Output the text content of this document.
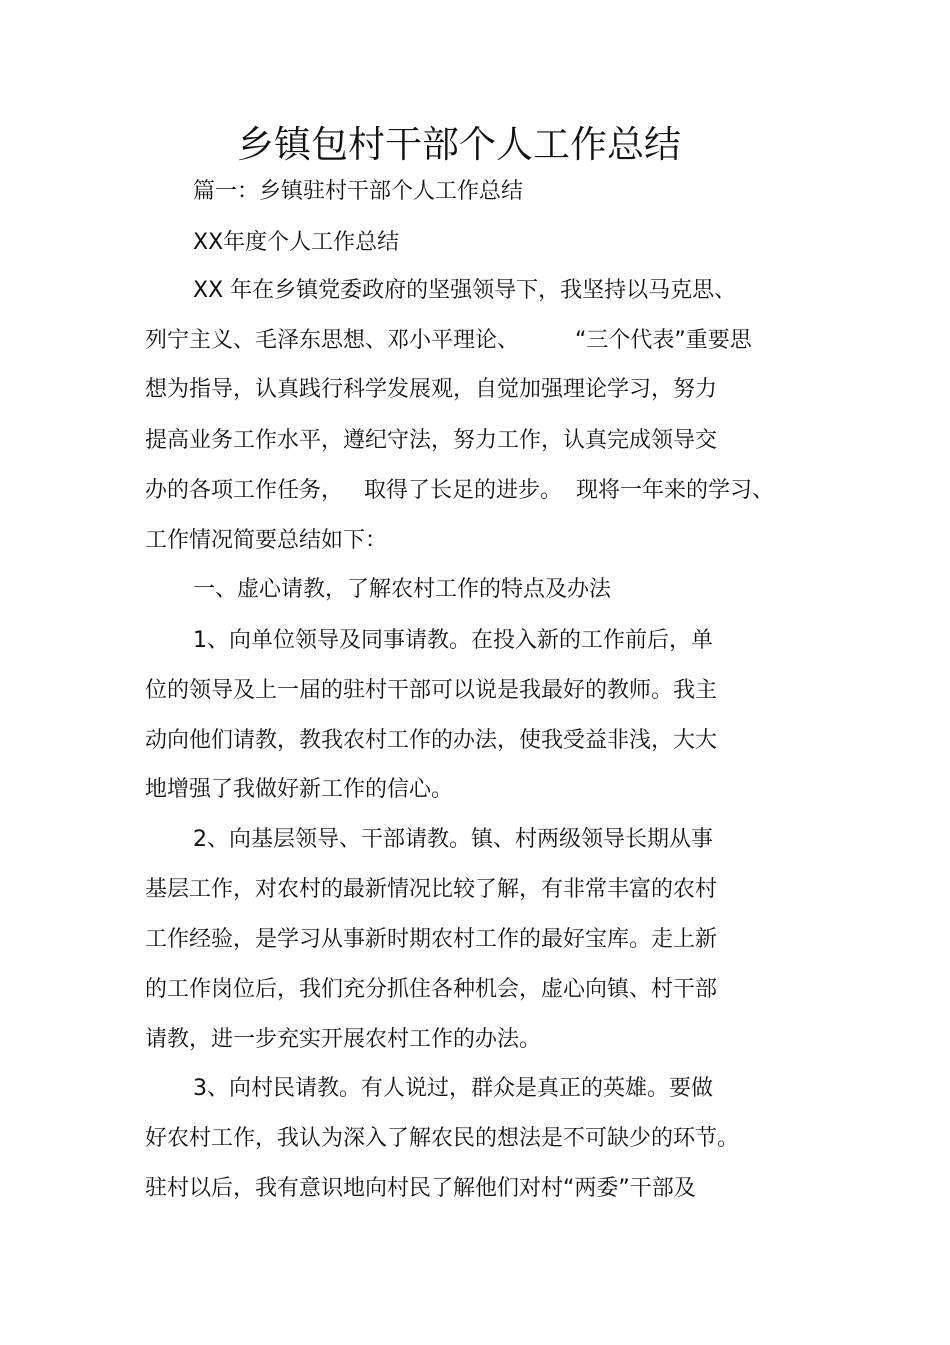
乡镇包村干部个人工作总结

篇一：乡镇驻村干部个人工作总结

XX年度个人工作总结

XX 年在乡镇党委政府的坚强领导下，我坚持以马克思、

列宁主义、毛泽东思想、邓小平理论、        “三个代表”重要思

想为指导，认真践行科学发展观，自觉加强理论学习，努力

提高业务工作水平，遵纪守法，努力工作，认真完成领导交

办的各项工作任务，   取得了长足的进步。  现将一年来的学习、

工作情况简要总结如下：

一、虚心请教，了解农村工作的特点及办法

1、向单位领导及同事请教。在投入新的工作前后，单

位的领导及上一届的驻村干部可以说是我最好的教师。我主

动向他们请教，教我农村工作的办法，使我受益非浅，大大

地增强了我做好新工作的信心。

2、向基层领导、干部请教。镇、村两级领导长期从事

基层工作，对农村的最新情况比较了解，有非常丰富的农村

工作经验，是学习从事新时期农村工作的最好宝库。走上新

的工作岗位后，我们充分抓住各种机会，虚心向镇、村干部

请教，进一步充实开展农村工作的办法。

3、向村民请教。有人说过，群众是真正的英雄。要做

好农村工作，我认为深入了解农民的想法是不可缺少的环节。

驻村以后，我有意识地向村民了解他们对村“两委”干部及
